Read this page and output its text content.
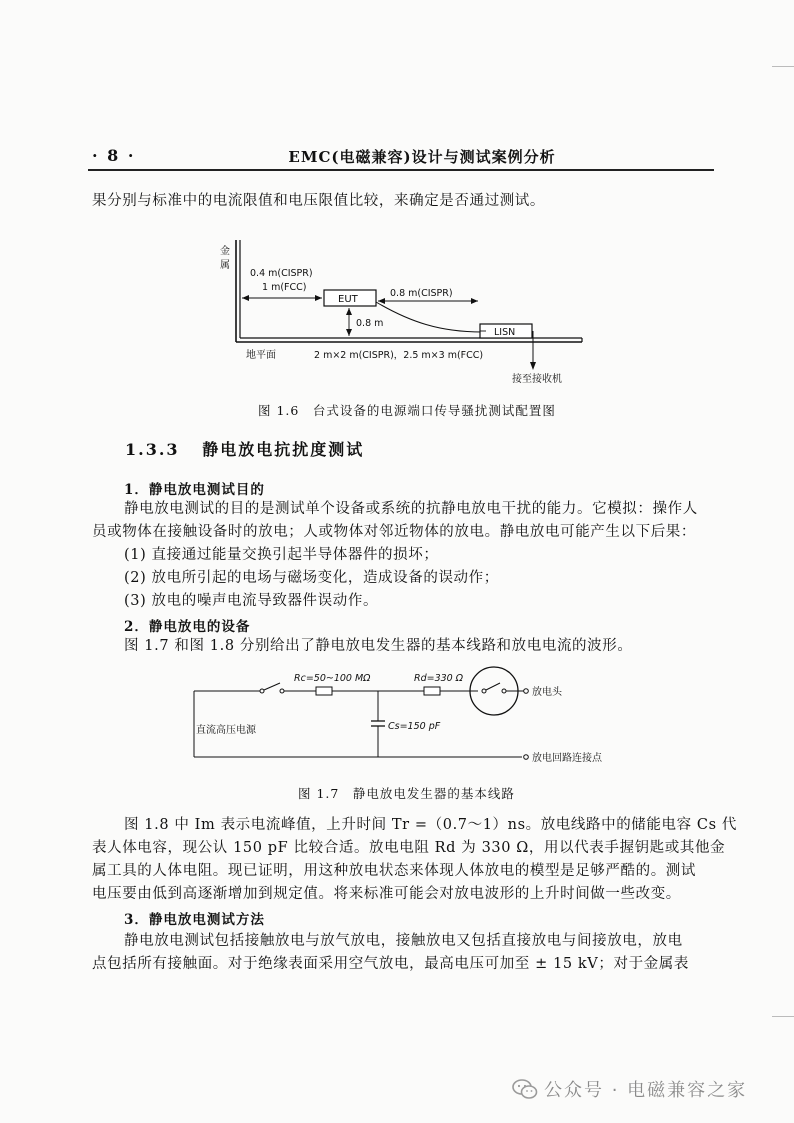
· 8 ·	EMC(电磁兼容)设计与测试案例分析
果分别与标准中的电流限值和电压限值比较，来确定是否通过测试。
金
属
EUT
0.4 m(CISPR)
1 m(FCC)
0.8 m
0.8 m(CISPR)
LISN
接至接收机
地平面	2 m×2 m(CISPR)，2.5 m×3 m(FCC)
图 1.6　台式设备的电源端口传导骚扰测试配置图
1.3.3 静电放电抗扰度测试
1．静电放电测试目的
静电放电测试的目的是测试单个设备或系统的抗静电放电干扰的能力。它模拟：操作人
员或物体在接触设备时的放电；人或物体对邻近物体的放电。静电放电可能产生以下后果：
(1) 直接通过能量交换引起半导体器件的损坏；
(2) 放电所引起的电场与磁场变化，造成设备的误动作；
(3) 放电的噪声电流导致器件误动作。
2．静电放电的设备
图 1.7 和图 1.8 分别给出了静电放电发生器的基本线路和放电电流的波形。
Rc=50~100 MΩ	Rd=330 Ω
放电头
直流高压电源	Cs=150 pF
放电回路连接点
图 1.7　静电放电发生器的基本线路
图 1.8 中 Im 表示电流峰值，上升时间 Tr =（0.7～1）ns。放电线路中的储能电容 Cs 代
表人体电容，现公认 150 pF 比较合适。放电电阻 Rd 为 330 Ω，用以代表手握钥匙或其他金
属工具的人体电阻。现已证明，用这种放电状态来体现人体放电的模型是足够严酷的。测试
电压要由低到高逐渐增加到规定值。将来标准可能会对放电波形的上升时间做一些改变。
3．静电放电测试方法
静电放电测试包括接触放电与放气放电，接触放电又包括直接放电与间接放电，放电
点包括所有接触面。对于绝缘表面采用空气放电，最高电压可加至 ± 15 kV；对于金属表
公众号 · 电磁兼容之家
